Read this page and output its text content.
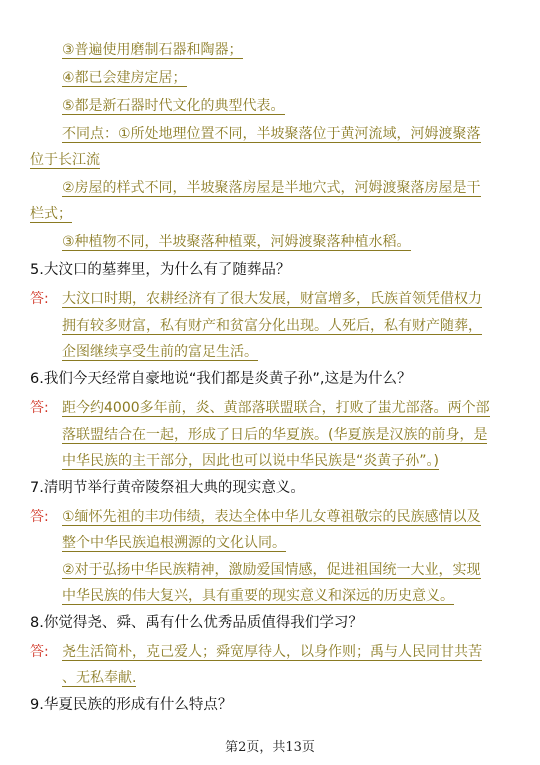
③普遍使用磨制石器和陶器；
④都已会建房定居；
⑤都是新石器时代文化的典型代表。
不同点：①所处地理位置不同，半坡聚落位于黄河流域，河姆渡聚落
位于长江流
②房屋的样式不同，半坡聚落房屋是半地穴式，河姆渡聚落房屋是干
栏式；
③种植物不同，半坡聚落种植粟，河姆渡聚落种植水稻。
5.大汶口的墓葬里，为什么有了随葬品？
答: 大汶口时期，农耕经济有了很大发展，财富增多，氏族首领凭借权力
拥有较多财富，私有财产和贫富分化出现。人死后，私有财产随葬，
企图继续享受生前的富足生活。
6.我们今天经常自豪地说“我们都是炎黄子孙”,这是为什么？
答: 距今约4000多年前，炎、黄部落联盟联合，打败了蚩尤部落。两个部
落联盟结合在一起，形成了日后的华夏族。(华夏族是汉族的前身，是
中华民族的主干部分，因此也可以说中华民族是“炎黄子孙”。)
7.清明节举行黄帝陵祭祖大典的现实意义。
答: ①缅怀先祖的丰功伟绩，表达全体中华儿女尊祖敬宗的民族感情以及
整个中华民族追根溯源的文化认同。
②对于弘扬中华民族精神，激励爱国情感，促进祖国统一大业，实现
中华民族的伟大复兴，具有重要的现实意义和深远的历史意义。
8.你觉得尧、舜、禹有什么优秀品质值得我们学习？
答: 尧生活简朴，克己爱人；舜宽厚待人，以身作则；禹与人民同甘共苦
、无私奉献.
9.华夏民族的形成有什么特点？
第2页，共13页
